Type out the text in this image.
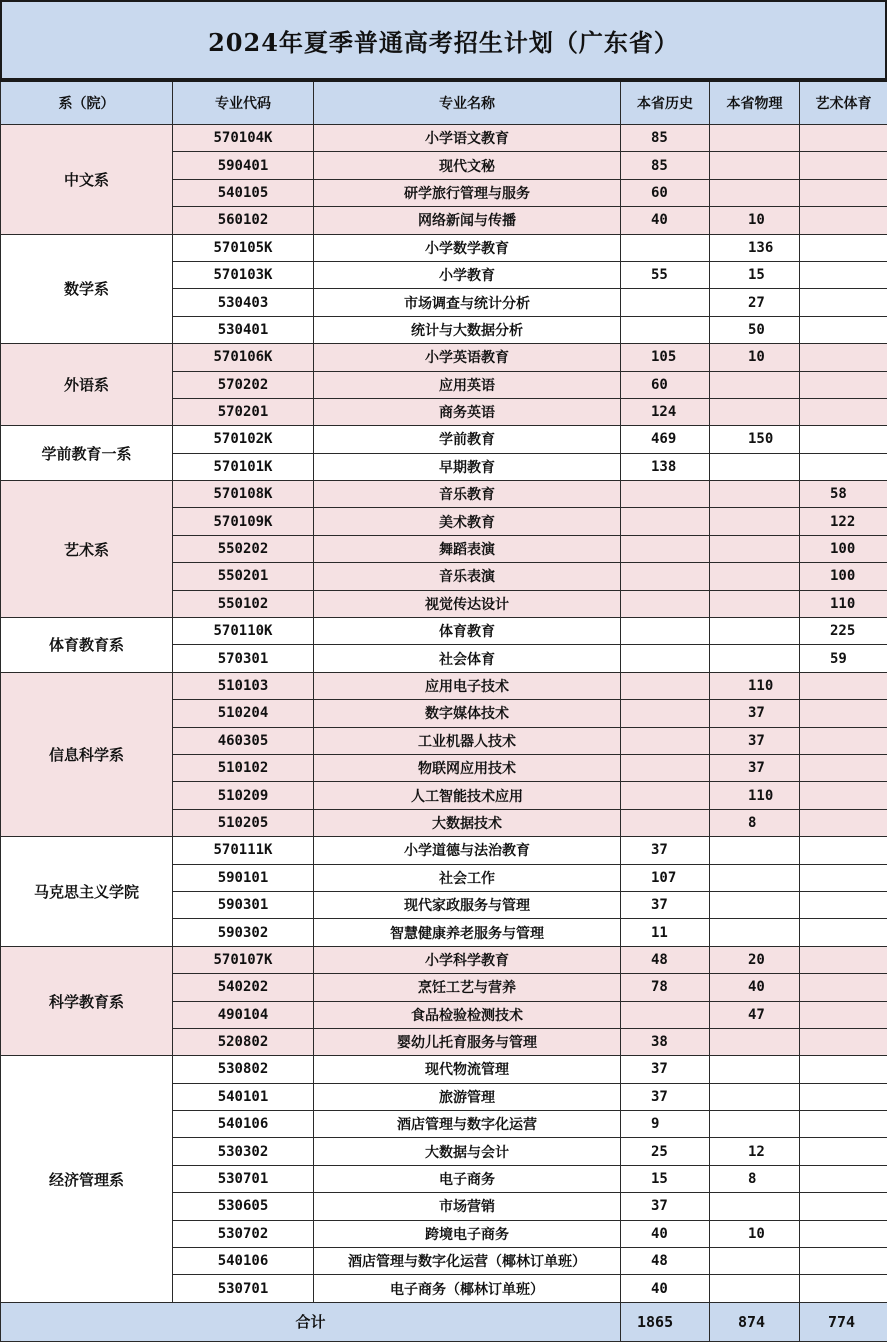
2024年夏季普通高考招生计划（广东省）
系（院）	专业代码	专业名称	本省历史	本省物理	艺术体育
中文系	570104K	小学语文教育	85		
	590401	现代文秘	85		
	540105	研学旅行管理与服务	60		
	560102	网络新闻与传播	40	10	
数学系	570105K	小学数学教育		136	
	570103K	小学教育	55	15	
	530403	市场调查与统计分析		27	
	530401	统计与大数据分析		50	
外语系	570106K	小学英语教育	105	10	
	570202	应用英语	60		
	570201	商务英语	124		
学前教育一系	570102K	学前教育	469	150	
	570101K	早期教育	138		
艺术系	570108K	音乐教育			58
	570109K	美术教育			122
	550202	舞蹈表演			100
	550201	音乐表演			100
	550102	视觉传达设计			110
体育教育系	570110K	体育教育			225
	570301	社会体育			59
信息科学系	510103	应用电子技术		110	
	510204	数字媒体技术		37	
	460305	工业机器人技术		37	
	510102	物联网应用技术		37	
	510209	人工智能技术应用		110	
	510205	大数据技术		8	
马克思主义学院	570111K	小学道德与法治教育	37		
	590101	社会工作	107		
	590301	现代家政服务与管理	37		
	590302	智慧健康养老服务与管理	11		
科学教育系	570107K	小学科学教育	48	20	
	540202	烹饪工艺与营养	78	40	
	490104	食品检验检测技术		47	
	520802	婴幼儿托育服务与管理	38		
经济管理系	530802	现代物流管理	37		
	540101	旅游管理	37		
	540106	酒店管理与数字化运营	9		
	530302	大数据与会计	25	12	
	530701	电子商务	15	8	
	530605	市场营销	37		
	530702	跨境电子商务	40	10	
	540106	酒店管理与数字化运营（椰林订单班）	48		
	530701	电子商务（椰林订单班）	40		
合计			1865	874	774
